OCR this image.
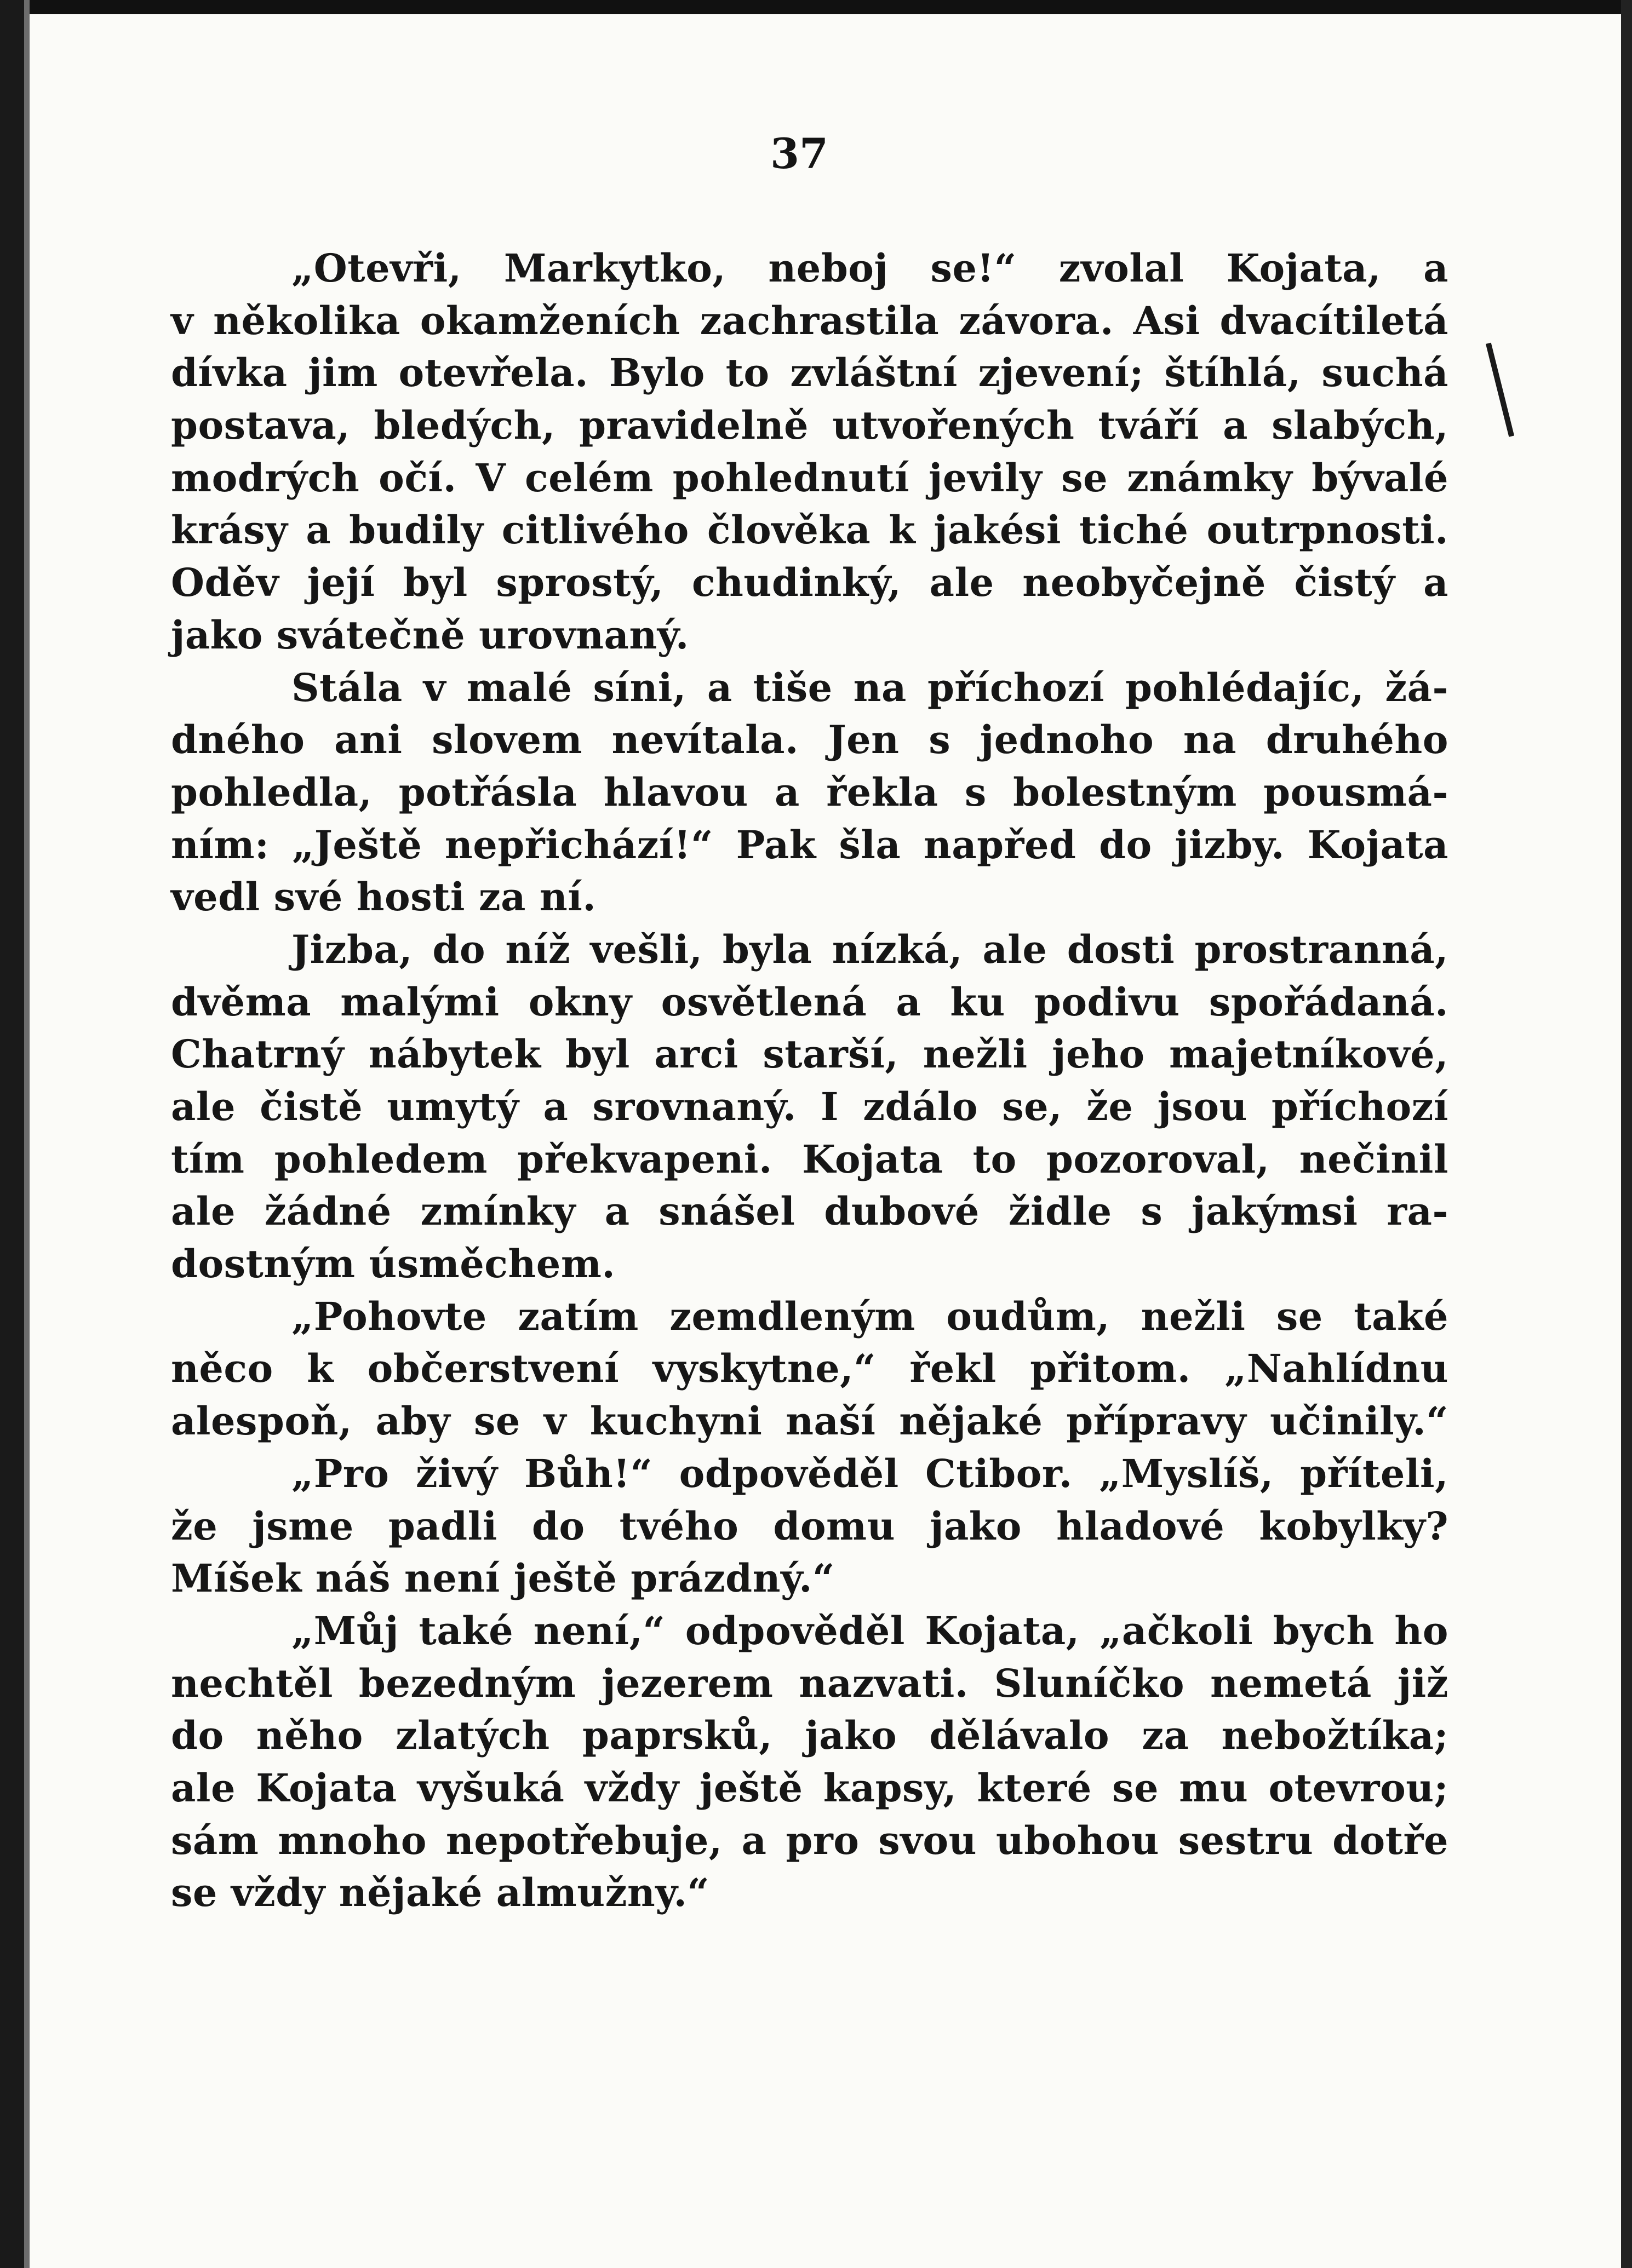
37
„Otevři, Markytko, neboj se!“ zvolal Kojata, a
v několika okamženích zachrastila závora. Asi dvacítiletá
dívka jim otevřela. Bylo to zvláštní zjevení; štíhlá, suchá
postava, bledých, pravidelně utvořených tváří a slabých,
modrých očí. V celém pohlednutí jevily se známky bývalé
krásy a budily citlivého člověka k jakési tiché outrpnosti.
Oděv její byl sprostý, chudinký, ale neobyčejně čistý a
jako svátečně urovnaný.
Stála v malé síni, a tiše na příchozí pohlédajíc, žá-
dného ani slovem nevítala. Jen s jednoho na druhého
pohledla, potřásla hlavou a řekla s bolestným pousmá-
ním: „Ještě nepřichází!“ Pak šla napřed do jizby. Kojata
vedl své hosti za ní.
Jizba, do níž vešli, byla nízká, ale dosti prostranná,
dvěma malými okny osvětlená a ku podivu spořádaná.
Chatrný nábytek byl arci starší, nežli jeho majetníkové,
ale čistě umytý a srovnaný. I zdálo se, že jsou příchozí
tím pohledem překvapeni. Kojata to pozoroval, nečinil
ale žádné zmínky a snášel dubové židle s jakýmsi ra-
dostným úsměchem.
„Pohovte zatím zemdleným oudům, nežli se také
něco k občerstvení vyskytne,“ řekl přitom. „Nahlídnu
alespoň, aby se v kuchyni naší nějaké přípravy učinily.“
„Pro živý Bůh!“ odpověděl Ctibor. „Myslíš, příteli,
že jsme padli do tvého domu jako hladové kobylky?
Míšek náš není ještě prázdný.“
„Můj také není,“ odpověděl Kojata, „ačkoli bych ho
nechtěl bezedným jezerem nazvati. Sluníčko nemetá již
do něho zlatých paprsků, jako dělávalo za nebožtíka;
ale Kojata vyšuká vždy ještě kapsy, které se mu otevrou;
sám mnoho nepotřebuje, a pro svou ubohou sestru dotře
se vždy nějaké almužny.“
